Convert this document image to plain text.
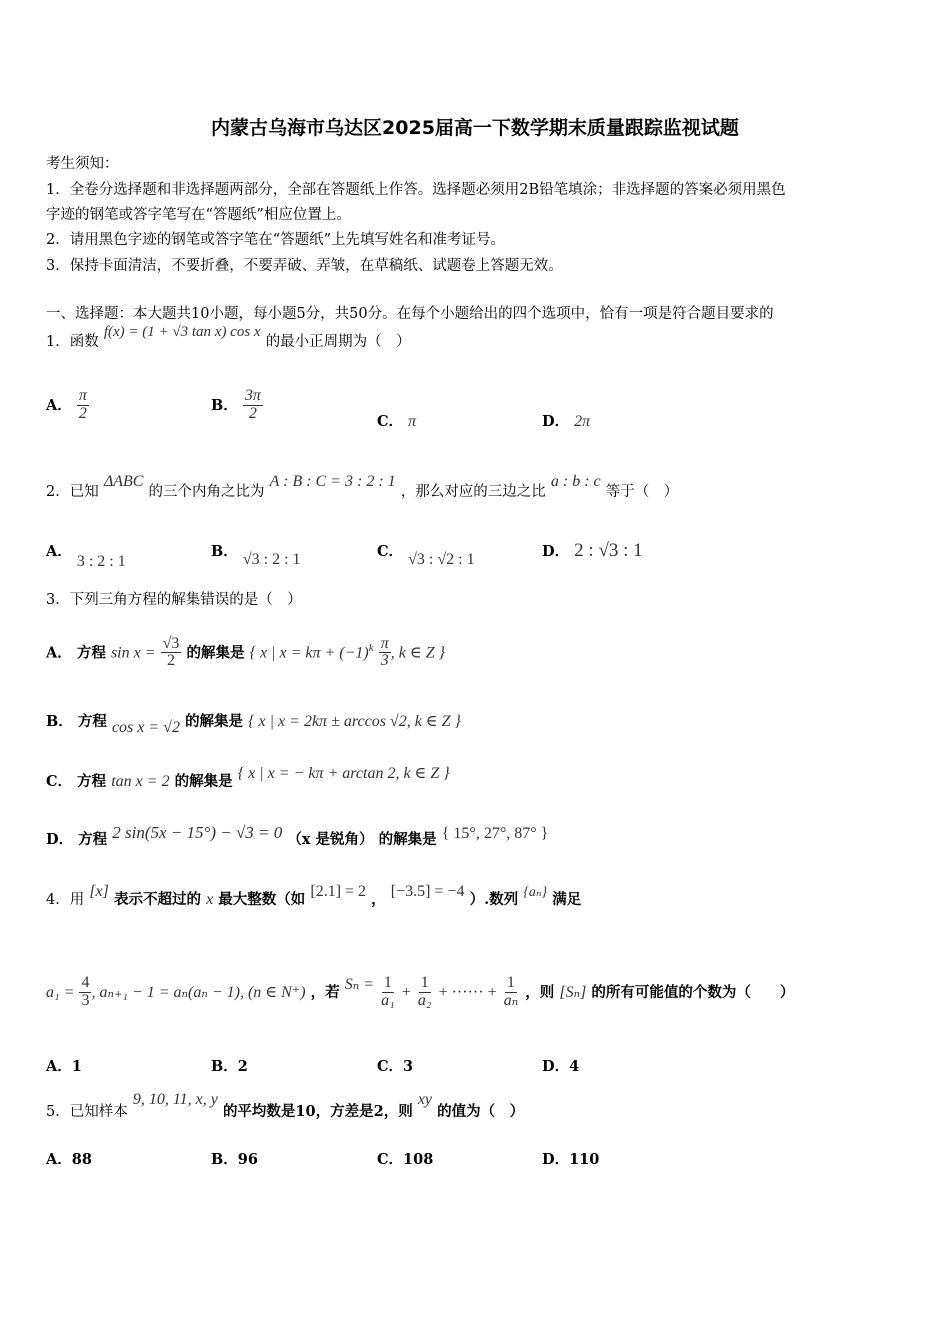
内蒙古乌海市乌达区2025届高一下数学期末质量跟踪监视试题
考生须知：
1．全卷分选择题和非选择题两部分，全部在答题纸上作答。选择题必须用2B铅笔填涂；非选择题的答案必须用黑色
字迹的钢笔或答字笔写在“答题纸”相应位置上。
2．请用黑色字迹的钢笔或答字笔在“答题纸”上先填写姓名和准考证号。
3．保持卡面清洁，不要折叠，不要弄破、弄皱，在草稿纸、试题卷上答题无效。
一、选择题：本大题共10小题，每小题5分，共50分。在每个小题给出的四个选项中，恰有一项是符合题目要求的
1．函数 f(x) = (1 + √3 tan x) cos x 的最小正周期为（　）
A． $\frac{\pi}{2}$	B． $\frac{3\pi}{2}$	C． π	D． 2π
2．已知 ΔABC 的三个内角之比为 A : B : C = 3 : 2 : 1 ，那么对应的三边之比 a : b : c 等于（　）
A． 3 : 2 : 1
B． √3 : 2 : 1	C． √3 : √2 : 1	D． 2 : √3 : 1
3．下列三角方程的解集错误的是（　）
A． 方程 $\sin x = \frac{√3}{2}$ 的解集是 { x | $x = k\pi + (-1)^k \frac{\pi}{3}$ , k ∈ Z }
B． 方程 cos x = √2 的解集是 { x | x = 2kπ ± arccos √2, k ∈ Z }
C． 方程 tan x = 2 的解集是 { x | x = − kπ + arctan 2, k ∈ Z }
D． 方程 2 sin(5x − 15°) − √3 = 0 （x 是锐角） 的解集是 { 15°, 27°, 87° }
4．用 [x] 表示不超过的 x 最大整数（如 [2.1] = 2 ， [−3.5] = −4 ）.数列 {aₙ} 满足
$a_1 = \frac{4}{3}$ , aₙ₊₁ − 1 = aₙ(aₙ − 1), (n ∈ N⁺) ，若 $S_n = \frac{1}{\text{a₁}} + \frac{1}{\text{a₂}}$ + ······ + $\frac{1}{\text{aₙ}}$ ，则 [Sₙ] 的所有可能值的个数为（　　）
A．1	B．2	C．3	D．4
5．已知样本 9, 10, 11, x, y 的平均数是10，方差是2，则 xy 的值为（　）
A．88	B．96	C．108	D．110
